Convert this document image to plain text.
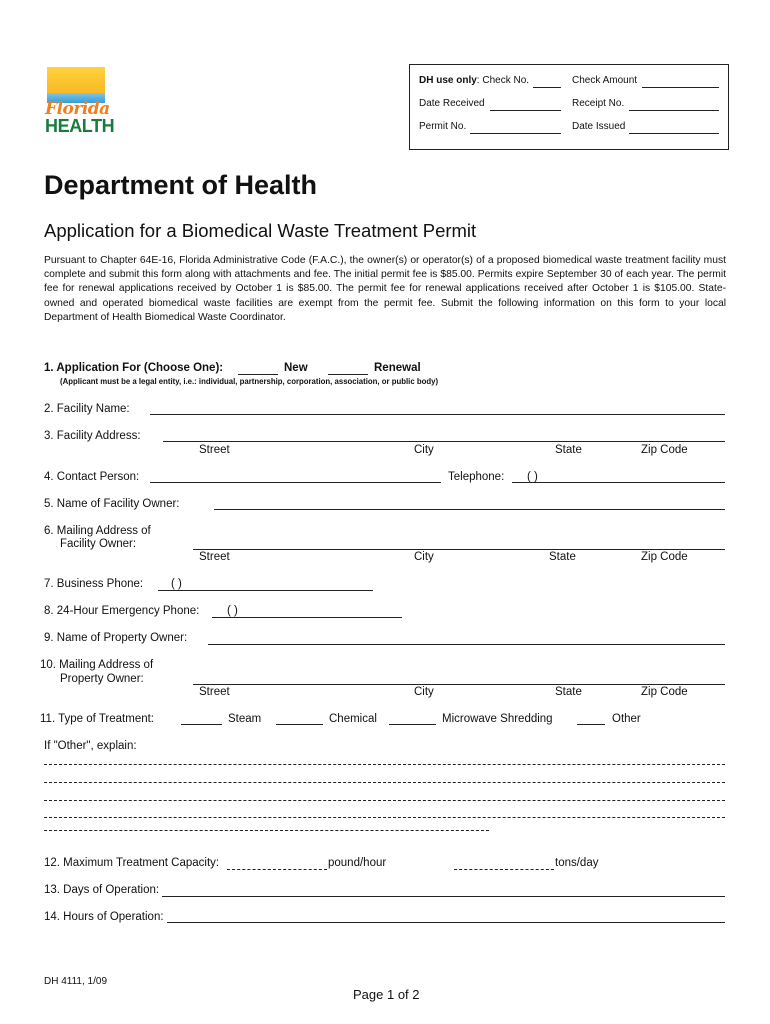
Florida
HEALTH
DH use only: Check No.	Check Amount
Date Received	Receipt No.
Permit No.	Date Issued
Department of Health
Application for a Biomedical Waste Treatment Permit
Pursuant to Chapter 64E-16, Florida Administrative Code (F.A.C.), the owner(s) or operator(s) of a proposed biomedical waste treatment facility must complete and submit this form along with attachments and fee. The initial permit fee is $85.00. Permits expire September 30 of each year. The permit fee for renewal applications received by October 1 is $85.00. The permit fee for renewal applications received after October 1 is $105.00. State-owned and operated biomedical waste facilities are exempt from the permit fee. Submit the following information on this form to your local Department of Health Biomedical Waste Coordinator.
1. Application For (Choose One):	New	Renewal
(Applicant must be a legal entity, i.e.: individual, partnership, corporation, association, or public body)
2. Facility Name:
3. Facility Address:
Street	City	State	Zip Code
4. Contact Person:	Telephone: ( )
5. Name of Facility Owner:
6. Mailing Address of
Facility Owner:
Street	City	State	Zip Code
7. Business Phone: ( )
8. 24-Hour Emergency Phone: ( )
9. Name of Property Owner:
10. Mailing Address of
Property Owner:
Street	City	State	Zip Code
11. Type of Treatment:	Steam	Chemical	Microwave Shredding	Other
If "Other", explain:
12. Maximum Treatment Capacity:	pound/hour	tons/day
13. Days of Operation:
14. Hours of Operation:
DH 4111, 1/09
Page 1 of 2
